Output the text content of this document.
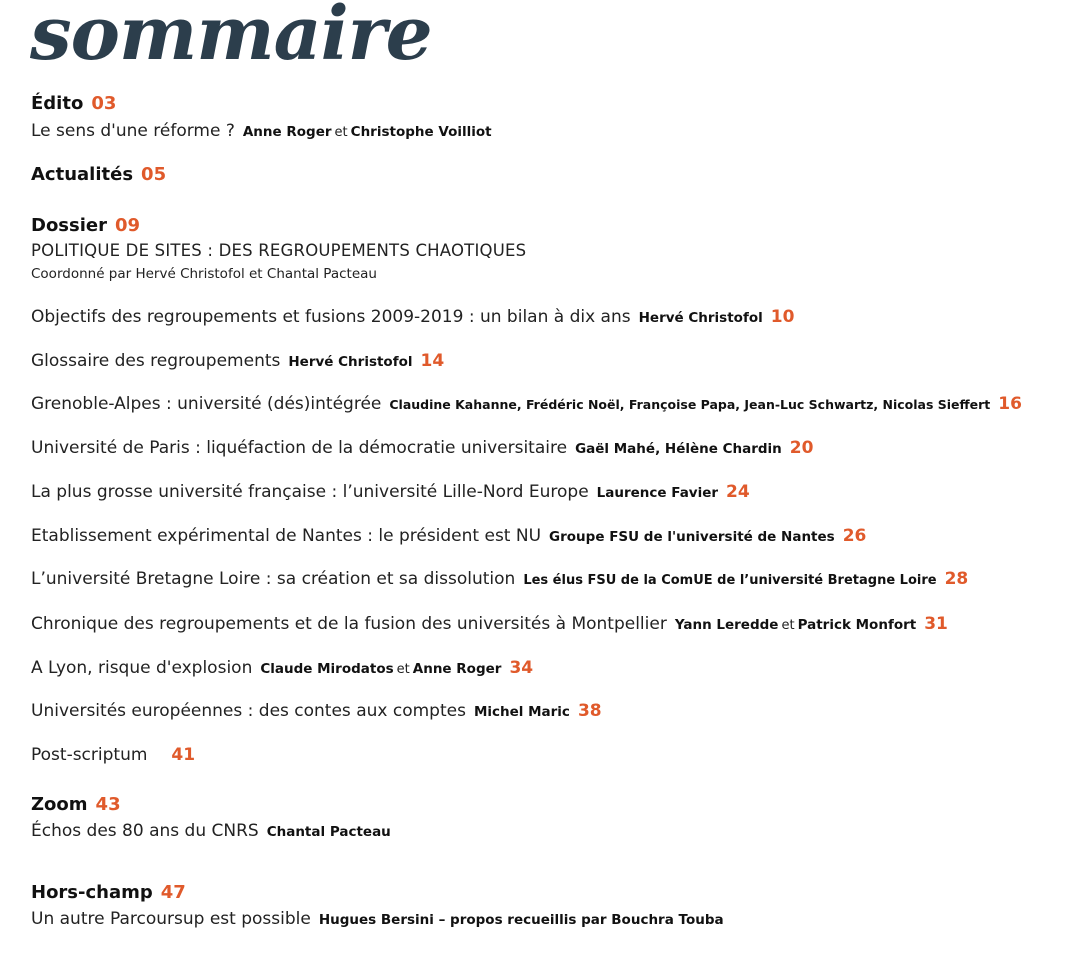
sommaire
Édito 03
Le sens d'une réforme ? Anne Roger et Christophe Voilliot
Actualités 05
Dossier 09
POLITIQUE DE SITES : DES REGROUPEMENTS CHAOTIQUES
Coordonné par Hervé Christofol et Chantal Pacteau
Objectifs des regroupements et fusions 2009-2019 : un bilan à dix ans Hervé Christofol 10
Glossaire des regroupements Hervé Christofol 14
Grenoble-Alpes : université (dés)intégrée Claudine Kahanne, Frédéric Noël, Françoise Papa, Jean-Luc Schwartz, Nicolas Sieffert 16
Université de Paris : liquéfaction de la démocratie universitaire Gaël Mahé, Hélène Chardin 20
La plus grosse université française : l’université Lille-Nord Europe Laurence Favier 24
Etablissement expérimental de Nantes : le président est NU Groupe FSU de l'université de Nantes 26
L’université Bretagne Loire : sa création et sa dissolution Les élus FSU de la ComUE de l’université Bretagne Loire 28
Chronique des regroupements et de la fusion des universités à Montpellier Yann Leredde et Patrick Monfort 31
A Lyon, risque d'explosion Claude Mirodatos et Anne Roger 34
Universités européennes : des contes aux comptes Michel Maric 38
Post-scriptum 41
Zoom 43
Échos des 80 ans du CNRS Chantal Pacteau
Hors-champ 47
Un autre Parcoursup est possible Hugues Bersini – propos recueillis par Bouchra Touba
